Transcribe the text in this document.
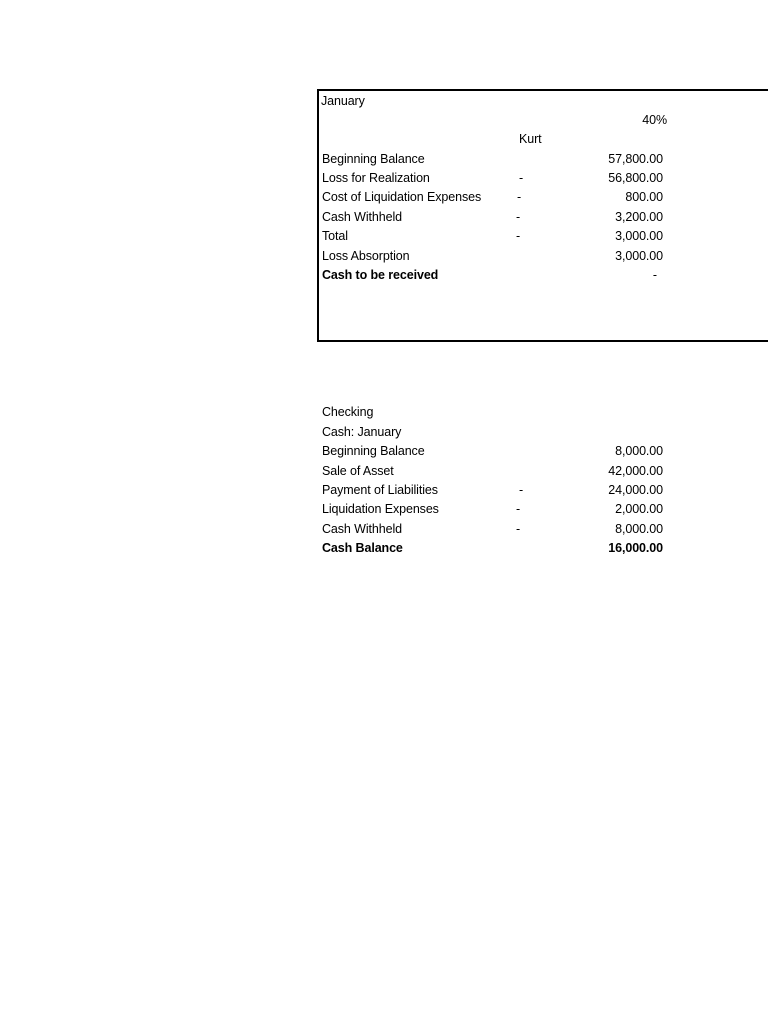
January
40%
Kurt
Beginning Balance	57,800.00
Loss for Realization	-	56,800.00
Cost of Liquidation Expenses	-	800.00
Cash Withheld	-	3,200.00
Total	-	3,000.00
Loss Absorption	3,000.00
Cash to be received	-
Checking
Cash: January
Beginning Balance	8,000.00
Sale of Asset	42,000.00
Payment of Liabilities	-	24,000.00
Liquidation Expenses	-	2,000.00
Cash Withheld	-	8,000.00
Cash Balance	16,000.00
